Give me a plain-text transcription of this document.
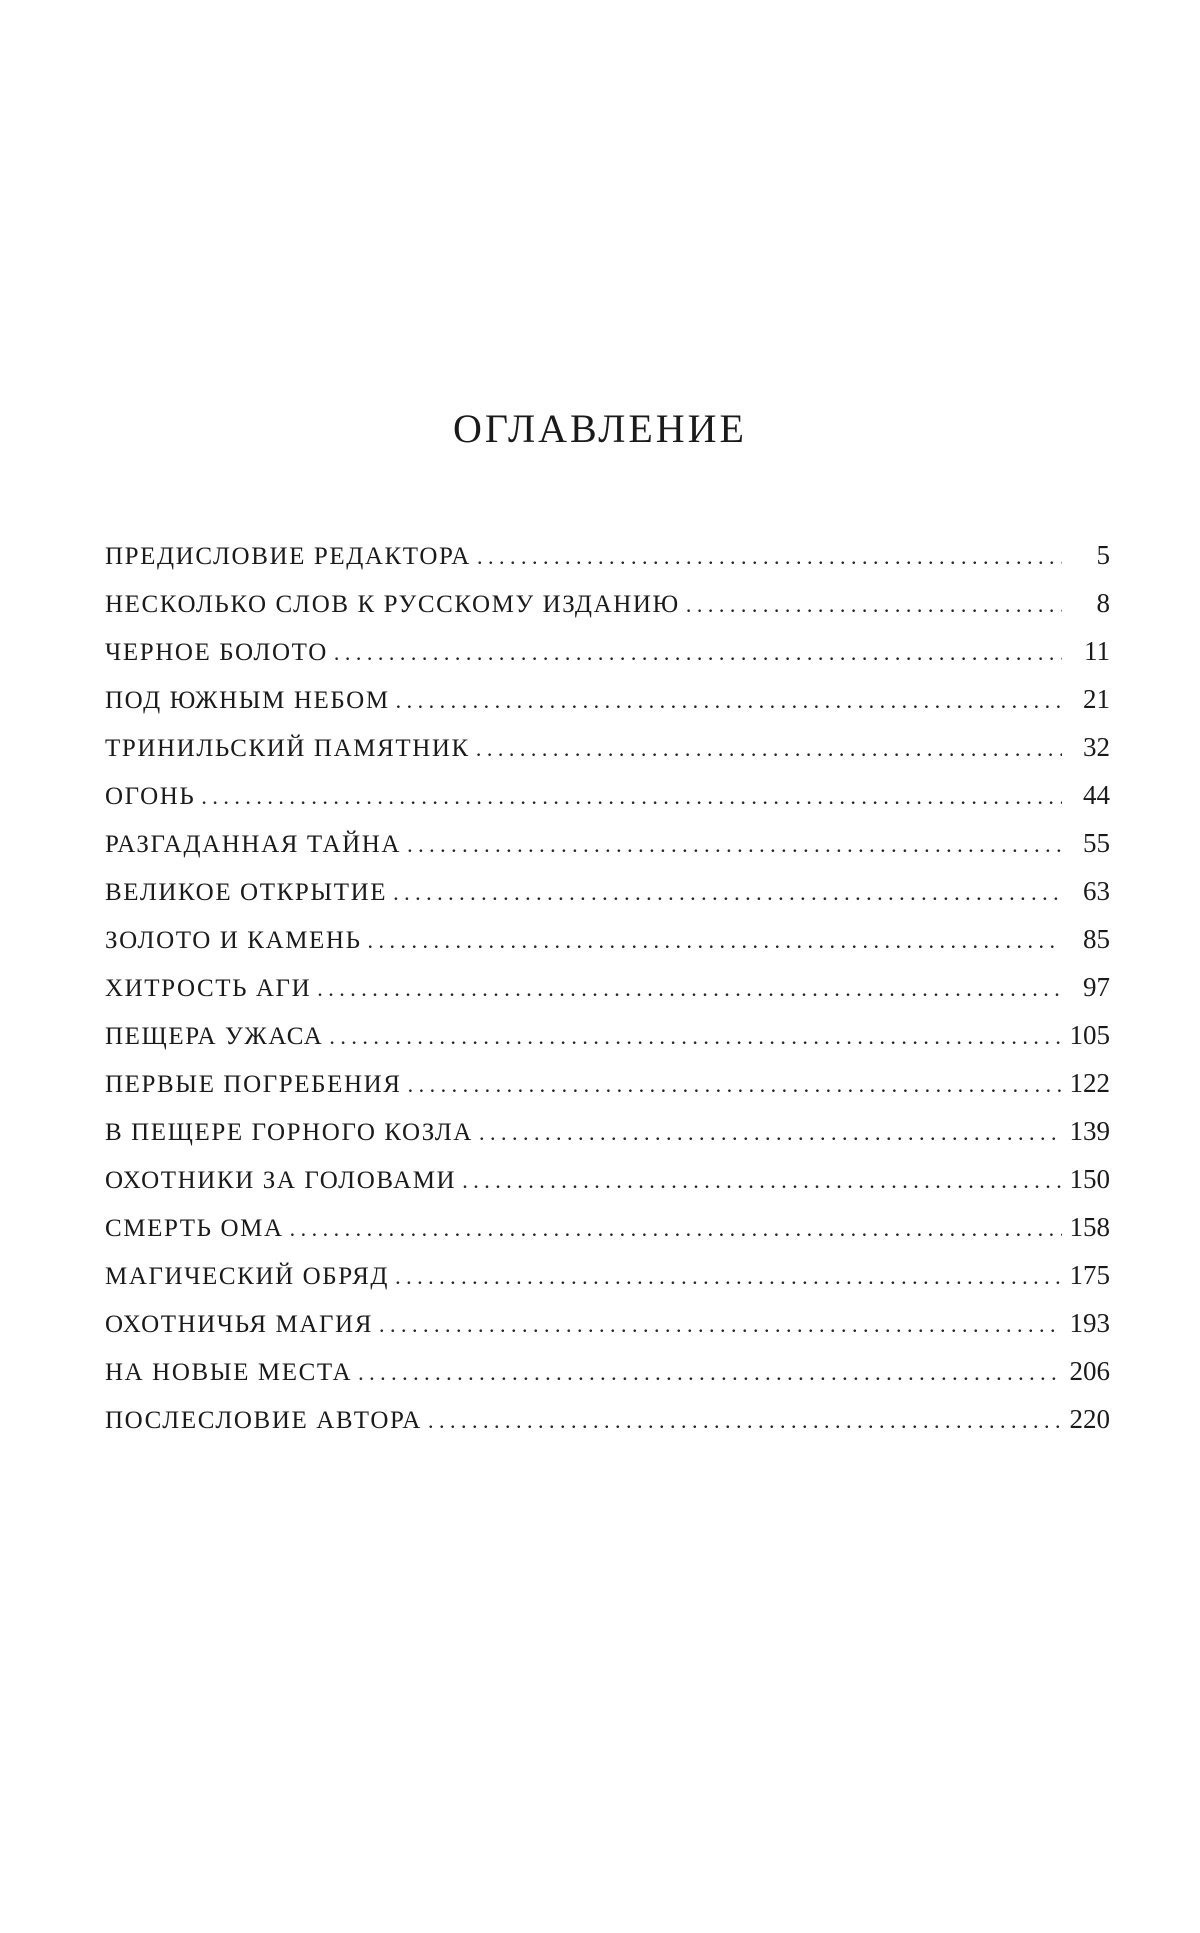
ОГЛАВЛЕНИЕ
ПРЕДИСЛОВИЕ РЕДАКТОРА . . .	5
НЕСКОЛЬКО СЛОВ К РУССКОМУ ИЗДАНИЮ . . .	8
ЧЕРНОЕ БОЛОТО . . .	11
ПОД ЮЖНЫМ НЕБОМ . . .	21
ТРИНИЛЬСКИЙ ПАМЯТНИК . . .	32
ОГОНЬ . . .	44
РАЗГАДАННАЯ ТАЙНА . . .	55
ВЕЛИКОЕ ОТКРЫТИЕ . . .	63
ЗОЛОТО И КАМЕНЬ . . .	85
ХИТРОСТЬ АГИ . . .	97
ПЕЩЕРА УЖАСА . . .	105
ПЕРВЫЕ ПОГРЕБЕНИЯ . . .	122
В ПЕЩЕРЕ ГОРНОГО КОЗЛА . . .	139
ОХОТНИКИ ЗА ГОЛОВАМИ . . .	150
СМЕРТЬ ОМА . . .	158
МАГИЧЕСКИЙ ОБРЯД . . .	175
ОХОТНИЧЬЯ МАГИЯ . . .	193
НА НОВЫЕ МЕСТА . . .	206
ПОСЛЕСЛОВИЕ АВТОРА . . .	220
